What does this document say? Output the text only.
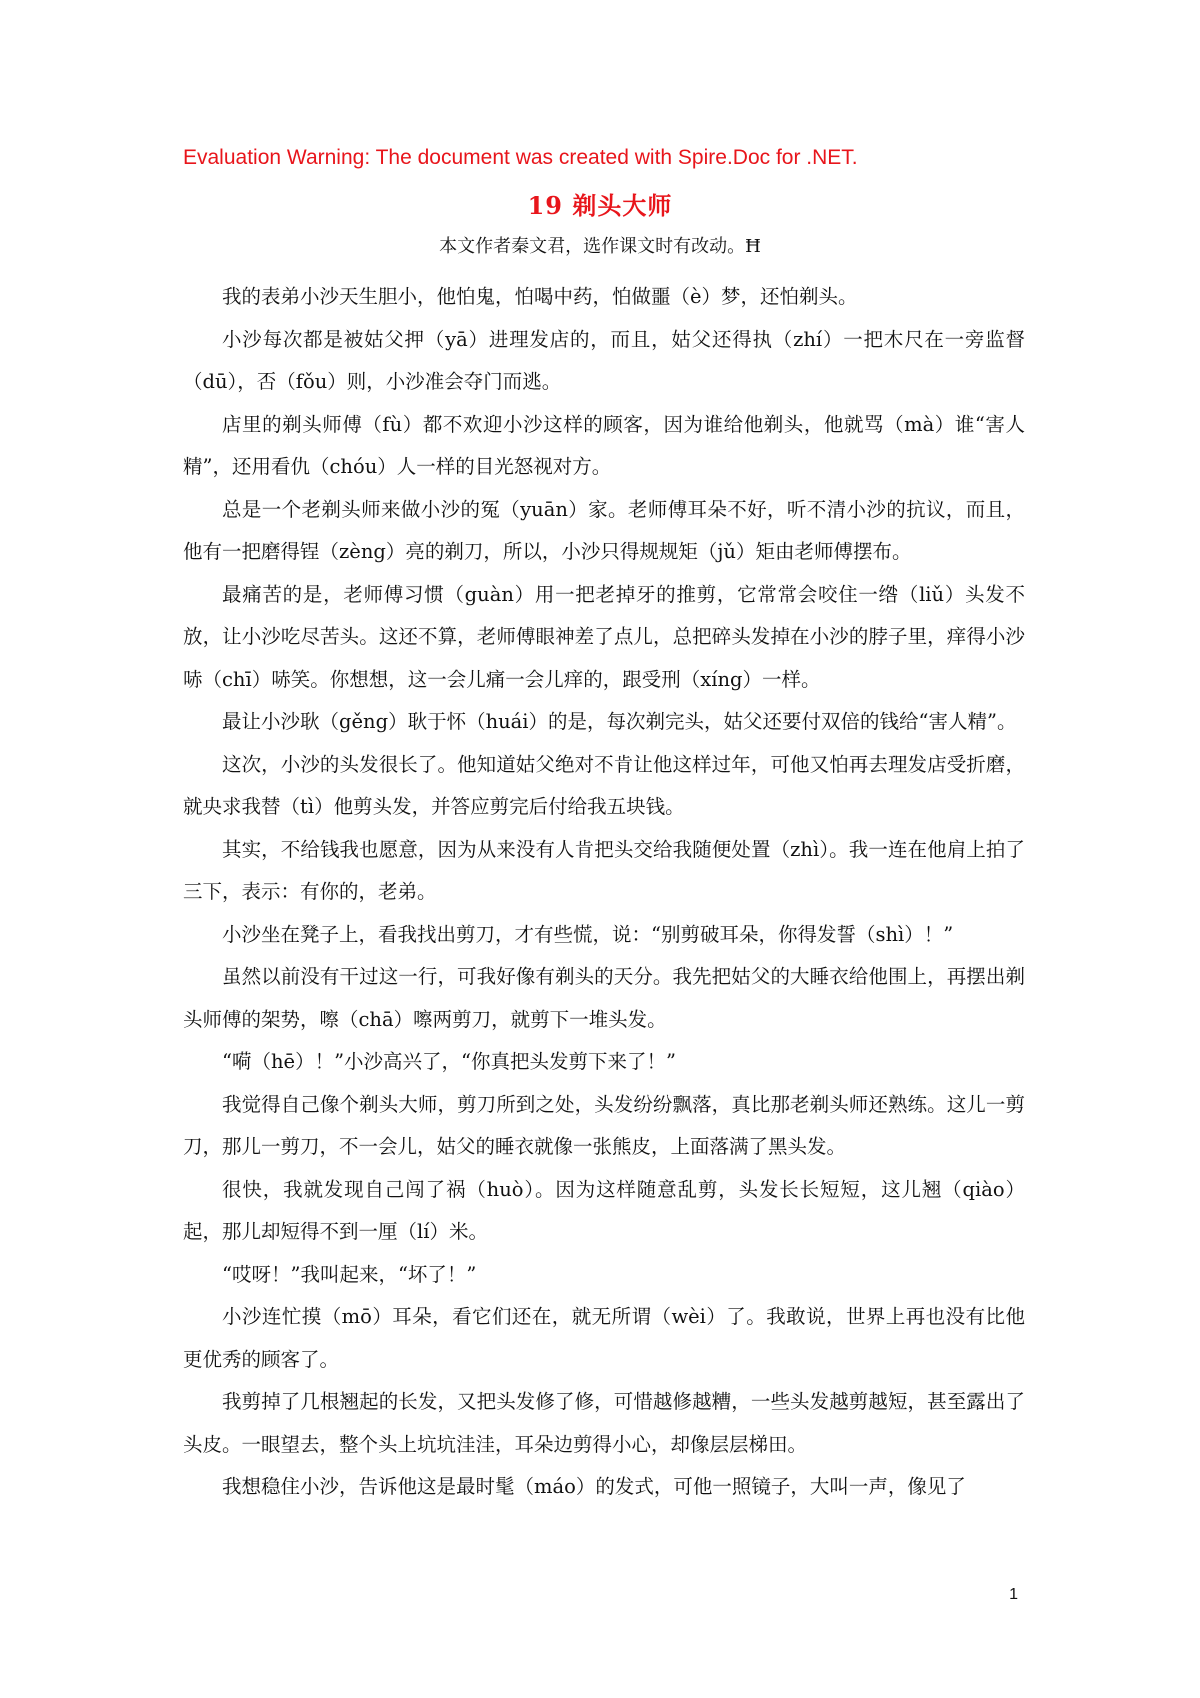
Evaluation Warning: The document was created with Spire.Doc for .NET.
19 剃头大师
本文作者秦文君，选作课文时有改动。Ħ

我的表弟小沙天生胆小，他怕鬼，怕喝中药，怕做噩（è）梦，还怕剃头。

小沙每次都是被姑父押（yā）进理发店的，而且，姑父还得执（zhí）一把木尺在一旁监督（dū），否（fǒu）则，小沙准会夺门而逃。

店里的剃头师傅（fù）都不欢迎小沙这样的顾客，因为谁给他剃头，他就骂（mà）谁“害人精”，还用看仇（chóu）人一样的目光怒视对方。

总是一个老剃头师来做小沙的冤（yuān）家。老师傅耳朵不好，听不清小沙的抗议，而且，他有一把磨得锃（zèng）亮的剃刀，所以，小沙只得规规矩（jǔ）矩由老师傅摆布。

最痛苦的是，老师傅习惯（guàn）用一把老掉牙的推剪，它常常会咬住一绺（liǔ）头发不放，让小沙吃尽苦头。这还不算，老师傅眼神差了点儿，总把碎头发掉在小沙的脖子里，痒得小沙哧（chī）哧笑。你想想，这一会儿痛一会儿痒的，跟受刑（xíng）一样。

最让小沙耿（gěng）耿于怀（huái）的是，每次剃完头，姑父还要付双倍的钱给“害人精”。

这次，小沙的头发很长了。他知道姑父绝对不肯让他这样过年，可他又怕再去理发店受折磨，就央求我替（tì）他剪头发，并答应剪完后付给我五块钱。

其实，不给钱我也愿意，因为从来没有人肯把头交给我随便处置（zhì）。我一连在他肩上拍了三下，表示：有你的，老弟。

小沙坐在凳子上，看我找出剪刀，才有些慌，说：“别剪破耳朵，你得发誓（shì）！”

虽然以前没有干过这一行，可我好像有剃头的天分。我先把姑父的大睡衣给他围上，再摆出剃头师傅的架势，嚓（chā）嚓两剪刀，就剪下一堆头发。

“嗬（hē）！”小沙高兴了，“你真把头发剪下来了！”

我觉得自己像个剃头大师，剪刀所到之处，头发纷纷飘落，真比那老剃头师还熟练。这儿一剪刀，那儿一剪刀，不一会儿，姑父的睡衣就像一张熊皮，上面落满了黑头发。

很快，我就发现自己闯了祸（huò）。因为这样随意乱剪，头发长长短短，这儿翘（qiào）起，那儿却短得不到一厘（lí）米。

“哎呀！”我叫起来，“坏了！”

小沙连忙摸（mō）耳朵，看它们还在，就无所谓（wèi）了。我敢说，世界上再也没有比他更优秀的顾客了。

我剪掉了几根翘起的长发，又把头发修了修，可惜越修越糟，一些头发越剪越短，甚至露出了头皮。一眼望去，整个头上坑坑洼洼，耳朵边剪得小心，却像层层梯田。

我想稳住小沙，告诉他这是最时髦（máo）的发式，可他一照镜子，大叫一声，像见了

1
